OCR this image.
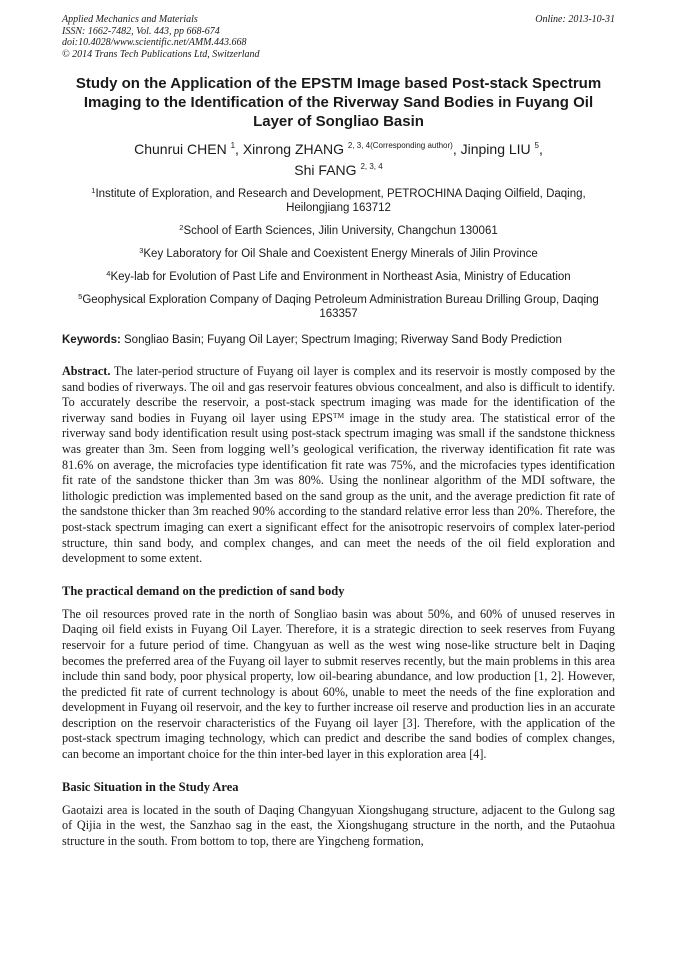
Applied Mechanics and Materials
ISSN: 1662-7482, Vol. 443, pp 668-674
doi:10.4028/www.scientific.net/AMM.443.668
© 2014 Trans Tech Publications Ltd, Switzerland
Online: 2013-10-31
Study on the Application of the EPSTM Image based Post-stack Spectrum Imaging to the Identification of the Riverway Sand Bodies in Fuyang Oil Layer of Songliao Basin
Chunrui CHEN $^1$, Xinrong ZHANG $^{2, 3, 4(Corresponding author)}$, Jinping LIU $^5$,
Shi FANG $^{2, 3, 4}$

$^1$Institute of Exploration, and Research and Development, PETROCHINA Daqing Oilfield, Daqing, Heilongjiang 163712

$^2$School of Earth Sciences, Jilin University, Changchun 130061

$^3$Key Laboratory for Oil Shale and Coexistent Energy Minerals of Jilin Province

$^4$Key-lab for Evolution of Past Life and Environment in Northeast Asia, Ministry of Education

$^5$Geophysical Exploration Company of Daqing Petroleum Administration Bureau Drilling Group, Daqing 163357

Keywords: Songliao Basin; Fuyang Oil Layer; Spectrum Imaging; Riverway Sand Body Prediction
Abstract. The later-period structure of Fuyang oil layer is complex and its reservoir is mostly composed by the sand bodies of riverways. The oil and gas reservoir features obvious concealment, and also is difficult to identify. To accurately describe the reservoir, a post-stack spectrum imaging was made for the identification of the riverway sand bodies in Fuyang oil layer using EPS™ image in the study area. The statistical error of the riverway sand body identification result using post-stack spectrum imaging was small if the sandstone thickness was greater than 3m. Seen from logging well’s geological verification, the riverway identification fit rate was 81.6% on average, the microfacies type identification fit rate was 75%, and the microfacies types identification fit rate of the sandstone thicker than 3m was 80%. Using the nonlinear algorithm of the MDI software, the lithologic prediction was implemented based on the sand group as the unit, and the average prediction fit rate of the sandstone thicker than 3m reached 90% according to the standard relative error less than 20%. Therefore, the post-stack spectrum imaging can exert a significant effect for the anisotropic reservoirs of complex later-period structure, thin sand body, and complex changes, and can meet the needs of the oil field exploration and development to some extent.
The practical demand on the prediction of sand body

The oil resources proved rate in the north of Songliao basin was about 50%, and 60% of unused reserves in Daqing oil field exists in Fuyang Oil Layer. Therefore, it is a strategic direction to seek reserves from Fuyang reservoir for a future period of time. Changyuan as well as the west wing nose-like structure belt in Daqing becomes the preferred area of the Fuyang oil layer to submit reserves recently, but the main problems in this area include thin sand body, poor physical property, low oil-bearing abundance, and low production [1, 2]. However, the predicted fit rate of current technology is about 60%, unable to meet the needs of the fine exploration and development in Fuyang oil reservoir, and the key to further increase oil reserve and production lies in an accurate description on the reservoir characteristics of the Fuyang oil layer [3]. Therefore, with the application of the post-stack spectrum imaging technology, which can predict and describe the sand bodies of complex changes, can become an important choice for the thin inter-bed layer in this exploration area [4].

Basic Situation in the Study Area

Gaotaizi area is located in the south of Daqing Changyuan Xiongshugang structure, adjacent to the Gulong sag of Qijia in the west, the Sanzhao sag in the east, the Xiongshugang structure in the north, and the Putaohua structure in the south. From bottom to top, there are Yingcheng formation,
